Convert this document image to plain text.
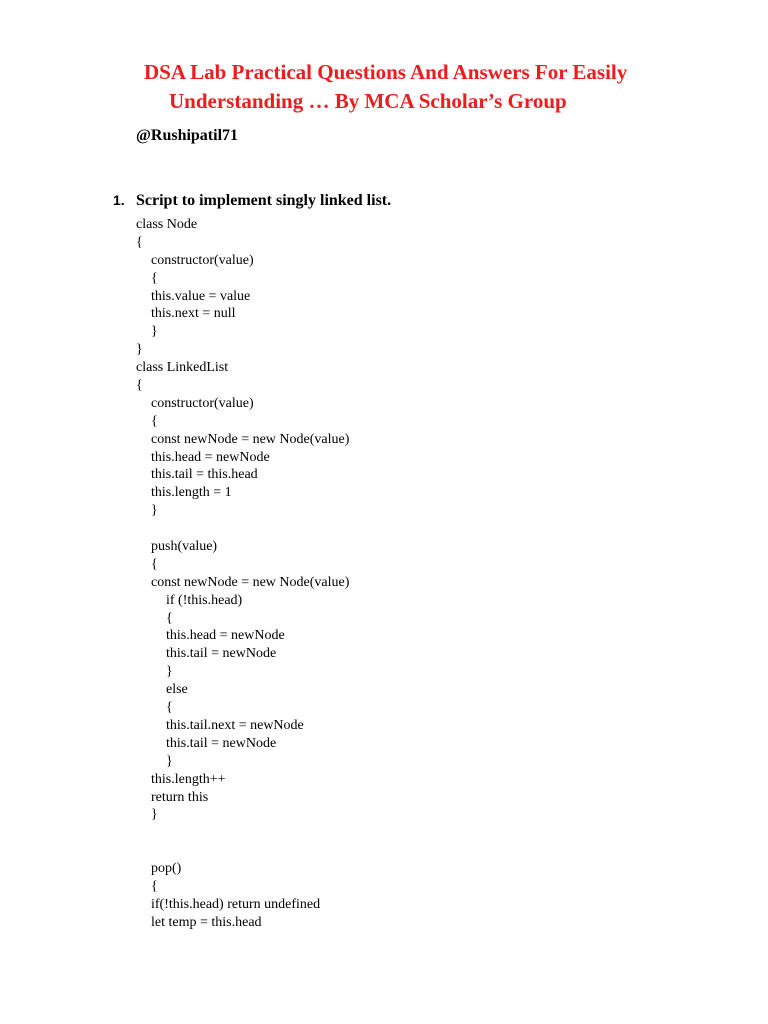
DSA Lab Practical Questions And Answers For Easily
Understanding … By MCA Scholar’s Group
@Rushipatil71
1. Script to implement singly linked list.
class Node
{
constructor(value)
{
this.value = value
this.next = null
}
}
class LinkedList
{
constructor(value)
{
const newNode = new Node(value)
this.head = newNode
this.tail = this.head
this.length = 1
}
push(value)
{
const newNode = new Node(value)
if (!this.head)
{
this.head = newNode
this.tail = newNode
}
else
{
this.tail.next = newNode
this.tail = newNode
}
this.length++
return this
}
pop()
{
if(!this.head) return undefined
let temp = this.head
